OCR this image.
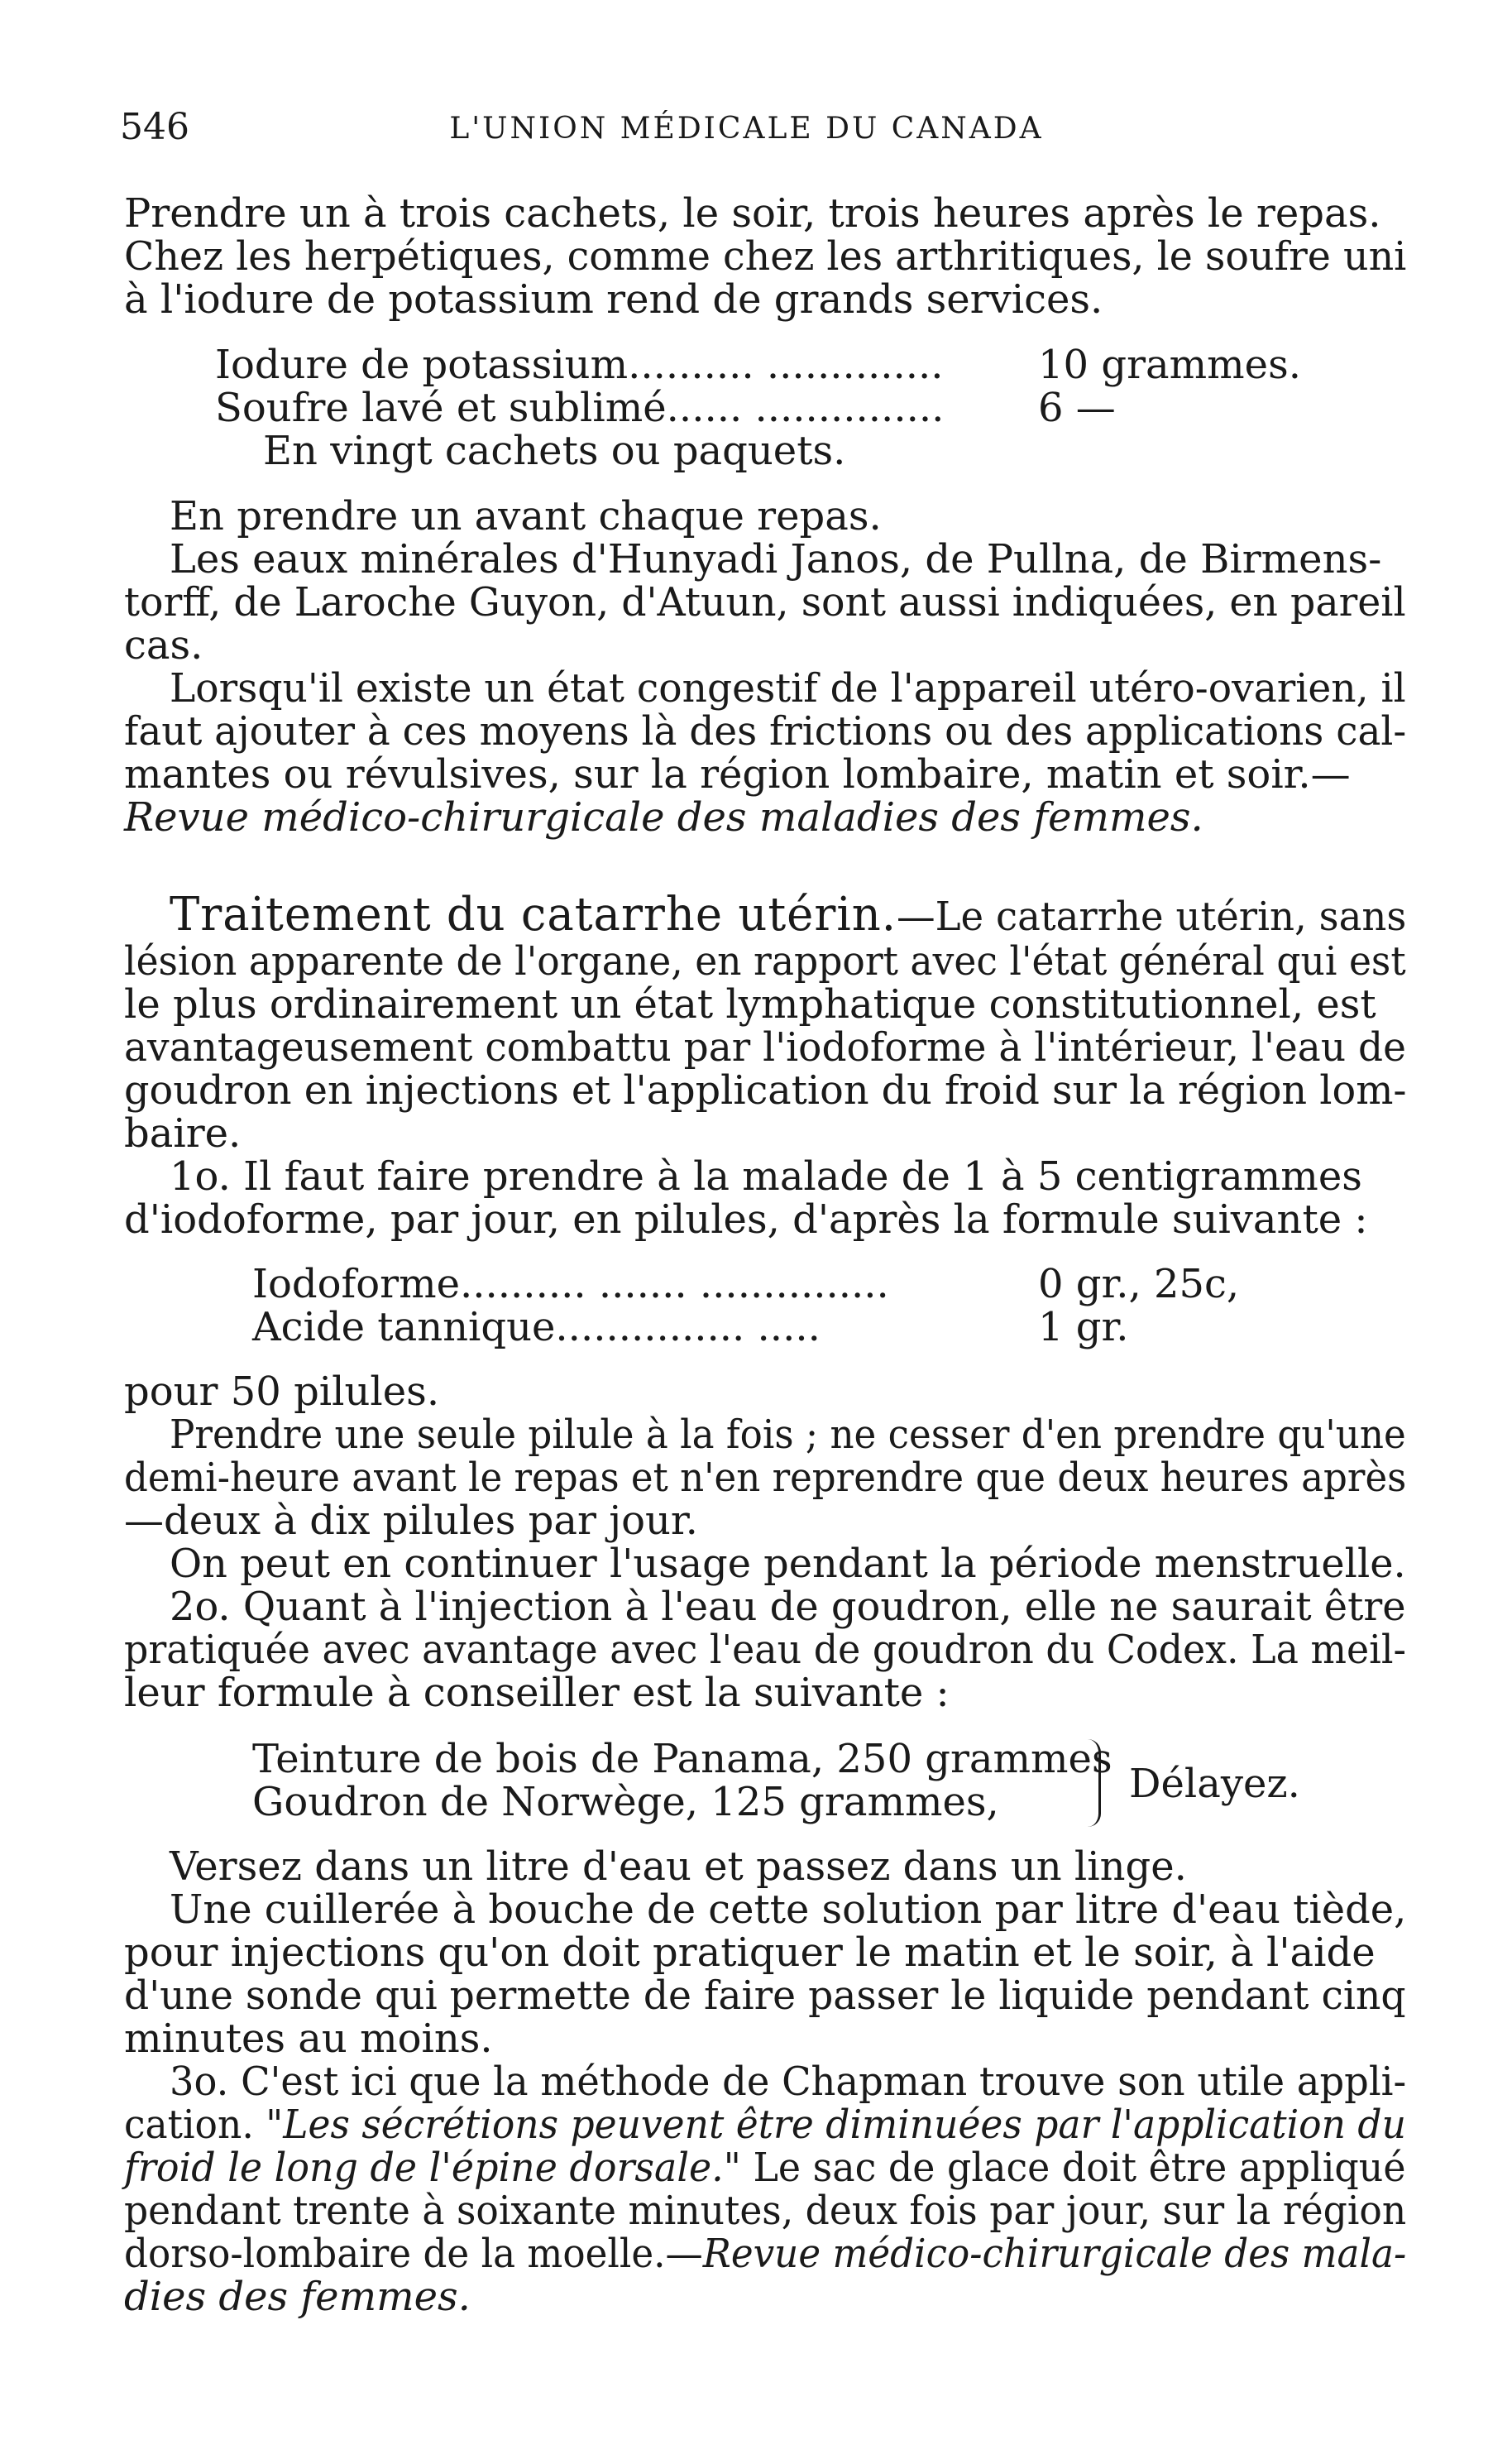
546	L'UNION MÉDICALE DU CANADA
Prendre un à trois cachets, le soir, trois heures après le repas.
Chez les herpétiques, comme chez les arthritiques, le soufre uni
à l'iodure de potassium rend de grands services.
Iodure de potassium.......... .............. 10 grammes.
Soufre lavé et sublimé...... ............... 6 —
En vingt cachets ou paquets.
En prendre un avant chaque repas.
Les eaux minérales d'Hunyadi Janos, de Pullna, de Birmens-
torff, de Laroche Guyon, d'Atuun, sont aussi indiquées, en pareil
cas.
Lorsqu'il existe un état congestif de l'appareil utéro-ovarien, il
faut ajouter à ces moyens là des frictions ou des applications cal-
mantes ou révulsives, sur la région lombaire, matin et soir.—
Revue médico-chirurgicale des maladies des femmes.
Traitement du catarrhe utérin.—Le catarrhe utérin, sans
lésion apparente de l'organe, en rapport avec l'état général qui est
le plus ordinairement un état lymphatique constitutionnel, est
avantageusement combattu par l'iodoforme à l'intérieur, l'eau de
goudron en injections et l'application du froid sur la région lom-
baire.
1o. Il faut faire prendre à la malade de 1 à 5 centigrammes
d'iodoforme, par jour, en pilules, d'après la formule suivante :
Iodoforme.......... ....... ...............	0 gr., 25c,
Acide tannique............... .....	1 gr.
pour 50 pilules.
Prendre une seule pilule à la fois ; ne cesser d'en prendre qu'une
demi-heure avant le repas et n'en reprendre que deux heures après
—deux à dix pilules par jour.
On peut en continuer l'usage pendant la période menstruelle.
2o. Quant à l'injection à l'eau de goudron, elle ne saurait être
pratiquée avec avantage avec l'eau de goudron du Codex. La meil-
leur formule à conseiller est la suivante :
Teinture de bois de Panama, 250 grammes
Goudron de Norwège, 125 grammes,	Délayez.
Versez dans un litre d'eau et passez dans un linge.
Une cuillerée à bouche de cette solution par litre d'eau tiède,
pour injections qu'on doit pratiquer le matin et le soir, à l'aide
d'une sonde qui permette de faire passer le liquide pendant cinq
minutes au moins.
3o. C'est ici que la méthode de Chapman trouve son utile appli-
cation. "Les sécrétions peuvent être diminuées par l'application du
froid le long de l'épine dorsale." Le sac de glace doit être appliqué
pendant trente à soixante minutes, deux fois par jour, sur la région
dorso-lombaire de la moelle.—Revue médico-chirurgicale des mala-
dies des femmes.
